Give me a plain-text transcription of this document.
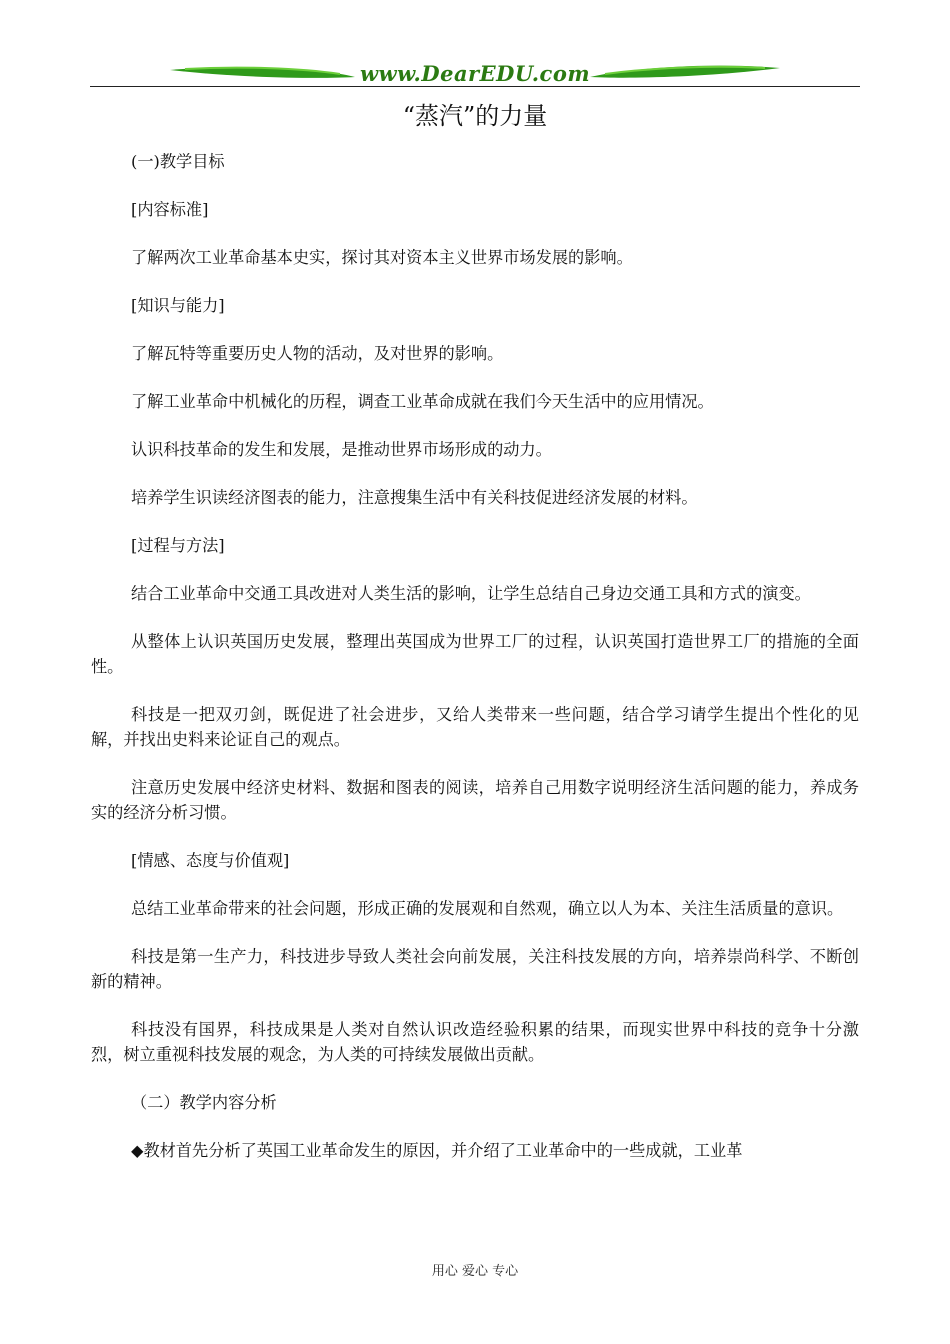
www.DearEDU.com
“蒸汽”的力量

(一)教学目标

[内容标准]

了解两次工业革命基本史实，探讨其对资本主义世界市场发展的影响。

[知识与能力]

了解瓦特等重要历史人物的活动，及对世界的影响。

了解工业革命中机械化的历程，调查工业革命成就在我们今天生活中的应用情况。

认识科技革命的发生和发展，是推动世界市场形成的动力。

培养学生识读经济图表的能力，注意搜集生活中有关科技促进经济发展的材料。

[过程与方法]

结合工业革命中交通工具改进对人类生活的影响，让学生总结自己身边交通工具和方式的演变。

从整体上认识英国历史发展，整理出英国成为世界工厂的过程，认识英国打造世界工厂的措施的全面性。

科技是一把双刃剑，既促进了社会进步，又给人类带来一些问题，结合学习请学生提出个性化的见解，并找出史料来论证自己的观点。

注意历史发展中经济史材料、数据和图表的阅读，培养自己用数字说明经济生活问题的能力，养成务实的经济分析习惯。

[情感、态度与价值观]

总结工业革命带来的社会问题，形成正确的发展观和自然观，确立以人为本、关注生活质量的意识。

科技是第一生产力，科技进步导致人类社会向前发展，关注科技发展的方向，培养崇尚科学、不断创新的精神。

科技没有国界，科技成果是人类对自然认识改造经验积累的结果，而现实世界中科技的竞争十分激烈，树立重视科技发展的观念，为人类的可持续发展做出贡献。

（二）教学内容分析

◆教材首先分析了英国工业革命发生的原因，并介绍了工业革命中的一些成就，工业革

用心 爱心 专心
